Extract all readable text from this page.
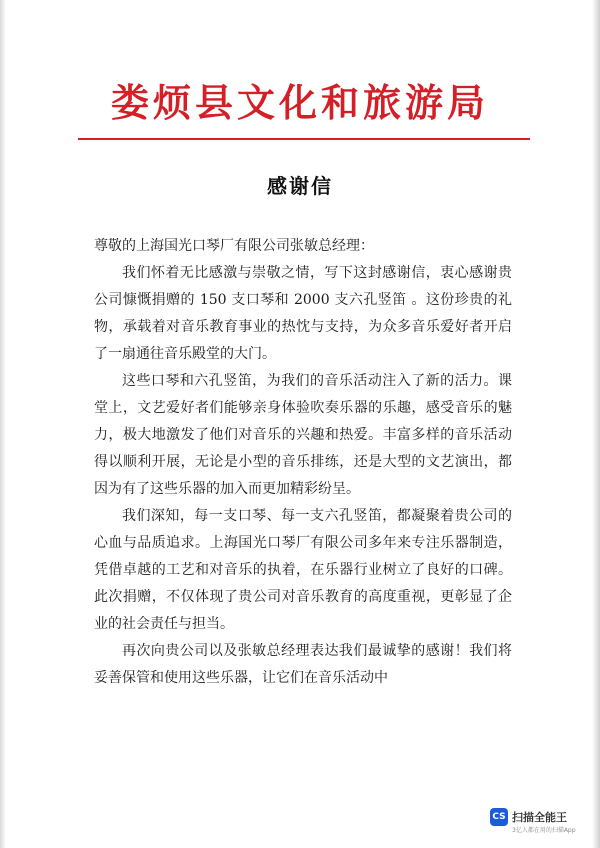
娄烦县文化和旅游局
感谢信

尊敬的上海国光口琴厂有限公司张敏总经理：

我们怀着无比感激与崇敬之情，写下这封感谢信，衷心感谢贵公司慷慨捐赠的 150 支口琴和 2000 支六孔竖笛 。这份珍贵的礼物，承载着对音乐教育事业的热忱与支持，为众多音乐爱好者开启了一扇通往音乐殿堂的大门。

这些口琴和六孔竖笛，为我们的音乐活动注入了新的活力。课堂上，文艺爱好者们能够亲身体验吹奏乐器的乐趣，感受音乐的魅力，极大地激发了他们对音乐的兴趣和热爱。丰富多样的音乐活动得以顺利开展，无论是小型的音乐排练，还是大型的文艺演出，都因为有了这些乐器的加入而更加精彩纷呈。

我们深知，每一支口琴、每一支六孔竖笛，都凝聚着贵公司的心血与品质追求。上海国光口琴厂有限公司多年来专注乐器制造，凭借卓越的工艺和对音乐的执着，在乐器行业树立了良好的口碑。此次捐赠，不仅体现了贵公司对音乐教育的高度重视，更彰显了企业的社会责任与担当。

再次向贵公司以及张敏总经理表达我们最诚挚的感谢！我们将妥善保管和使用这些乐器，让它们在音乐活动中

CS 扫描全能王
3亿人都在用的扫描App
